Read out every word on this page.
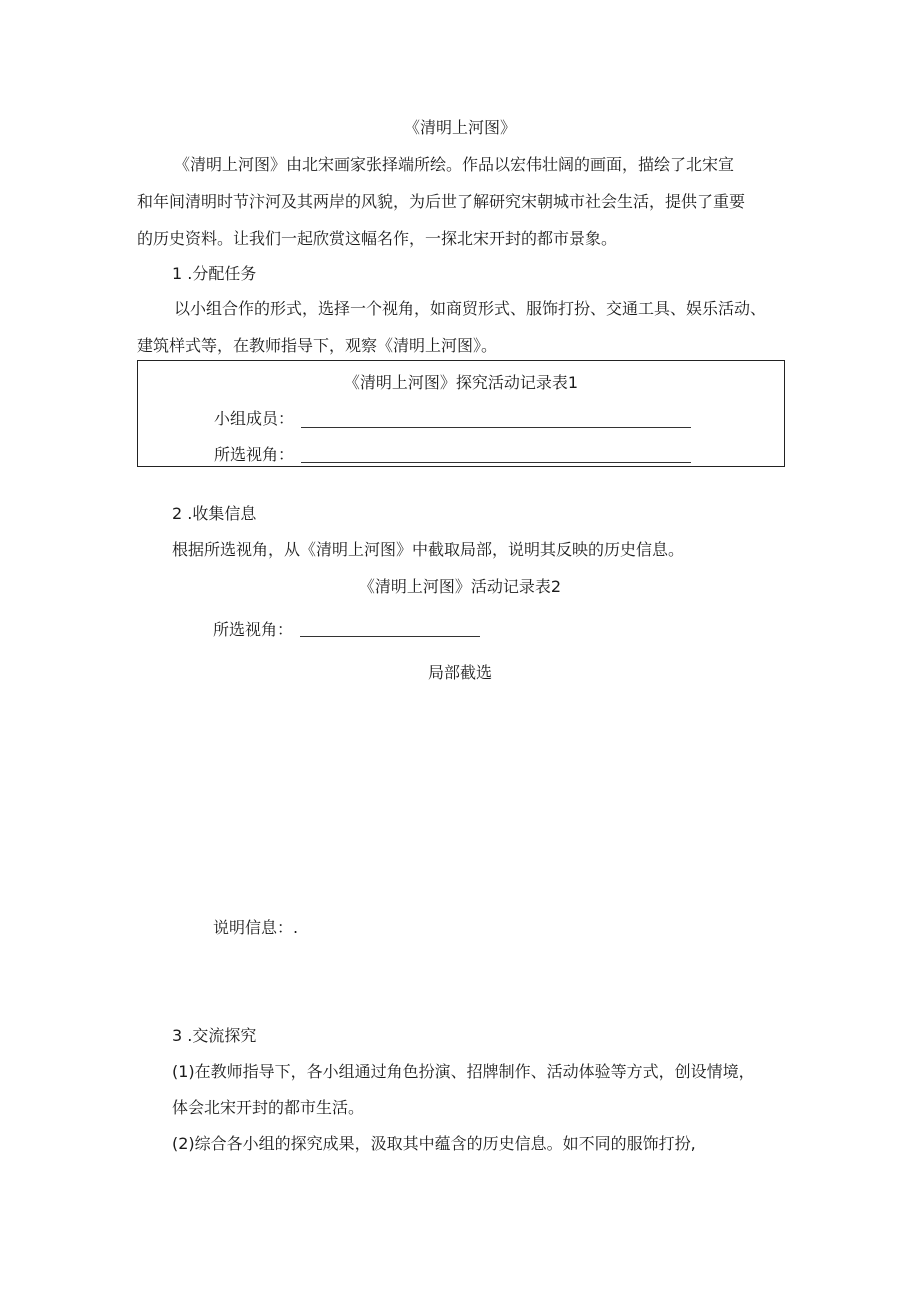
《清明上河图》
《清明上河图》由北宋画家张择端所绘。作品以宏伟壮阔的画面，描绘了北宋宣
和年间清明时节汴河及其两岸的风貌，为后世了解研究宋朝城市社会生活，提供了重要
的历史资料。让我们一起欣赏这幅名作，一探北宋开封的都市景象。
1 .分配任务
以小组合作的形式，选择一个视角，如商贸形式、服饰打扮、交通工具、娱乐活动、
建筑样式等，在教师指导下，观察《清明上河图》。
《清明上河图》探究活动记录表1
小组成员：
所选视角：
2 .收集信息
根据所选视角，从《清明上河图》中截取局部，说明其反映的历史信息。
《清明上河图》活动记录表2
所选视角：
局部截选
说明信息：.
3 .交流探究
(1)在教师指导下，各小组通过角色扮演、招牌制作、活动体验等方式，创设情境，
体会北宋开封的都市生活。
(2)综合各小组的探究成果，汲取其中蕴含的历史信息。如不同的服饰打扮,
